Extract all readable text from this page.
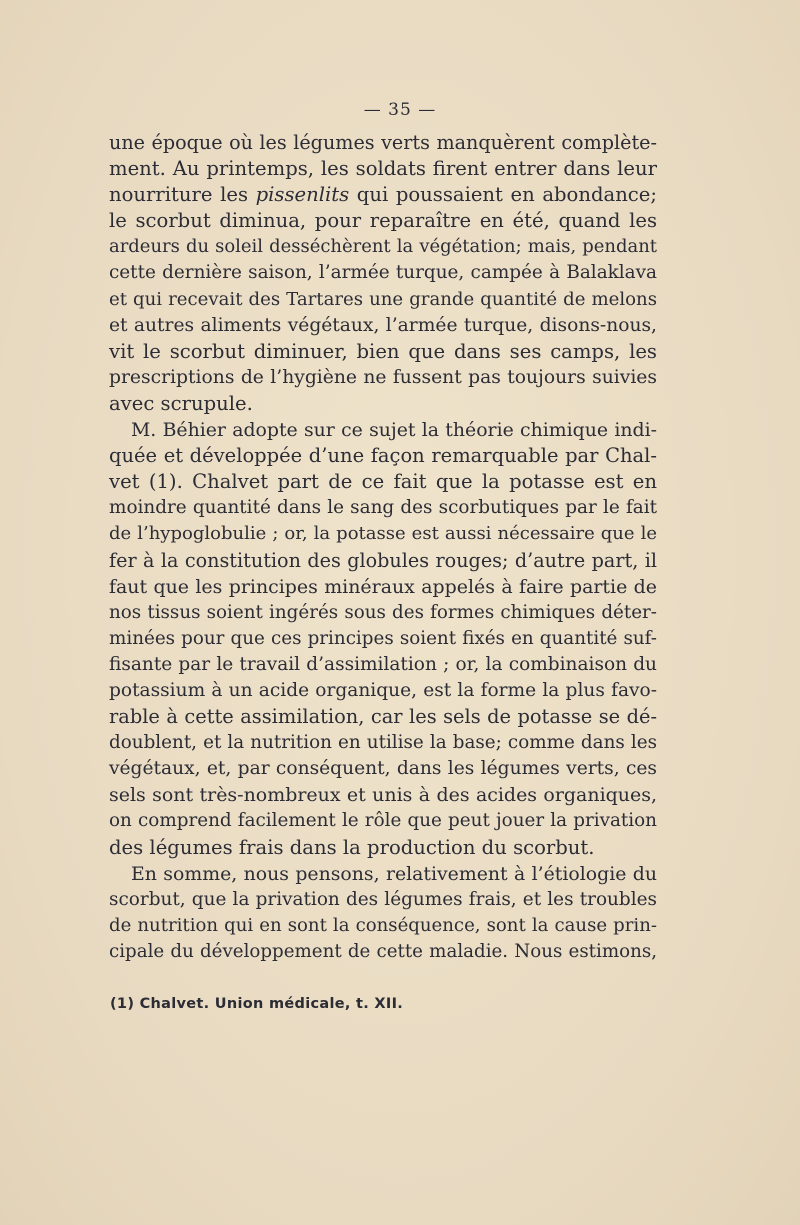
— 35 —
une époque où les légumes verts manquèrent complète-
ment. Au printemps, les soldats firent entrer dans leur
nourriture les pissenlits qui poussaient en abondance;
le scorbut diminua, pour reparaître en été, quand les
ardeurs du soleil desséchèrent la végétation; mais, pendant
cette dernière saison, l’armée turque, campée à Balaklava
et qui recevait des Tartares une grande quantité de melons
et autres aliments végétaux, l’armée turque, disons-nous,
vit le scorbut diminuer, bien que dans ses camps, les
prescriptions de l’hygiène ne fussent pas toujours suivies
avec scrupule.
M. Béhier adopte sur ce sujet la théorie chimique indi-
quée et développée d’une façon remarquable par Chal-
vet (1). Chalvet part de ce fait que la potasse est en
moindre quantité dans le sang des scorbutiques par le fait
de l’hypoglobulie ; or, la potasse est aussi nécessaire que le
fer à la constitution des globules rouges; d’autre part, il
faut que les principes minéraux appelés à faire partie de
nos tissus soient ingérés sous des formes chimiques déter-
minées pour que ces principes soient fixés en quantité suf-
fisante par le travail d’assimilation ; or, la combinaison du
potassium à un acide organique, est la forme la plus favo-
rable à cette assimilation, car les sels de potasse se dé-
doublent, et la nutrition en utilise la base; comme dans les
végétaux, et, par conséquent, dans les légumes verts, ces
sels sont très-nombreux et unis à des acides organiques,
on comprend facilement le rôle que peut jouer la privation
des légumes frais dans la production du scorbut.
En somme, nous pensons, relativement à l’étiologie du
scorbut, que la privation des légumes frais, et les troubles
de nutrition qui en sont la conséquence, sont la cause prin-
cipale du développement de cette maladie. Nous estimons,
(1) Chalvet. Union médicale, t. XII.
